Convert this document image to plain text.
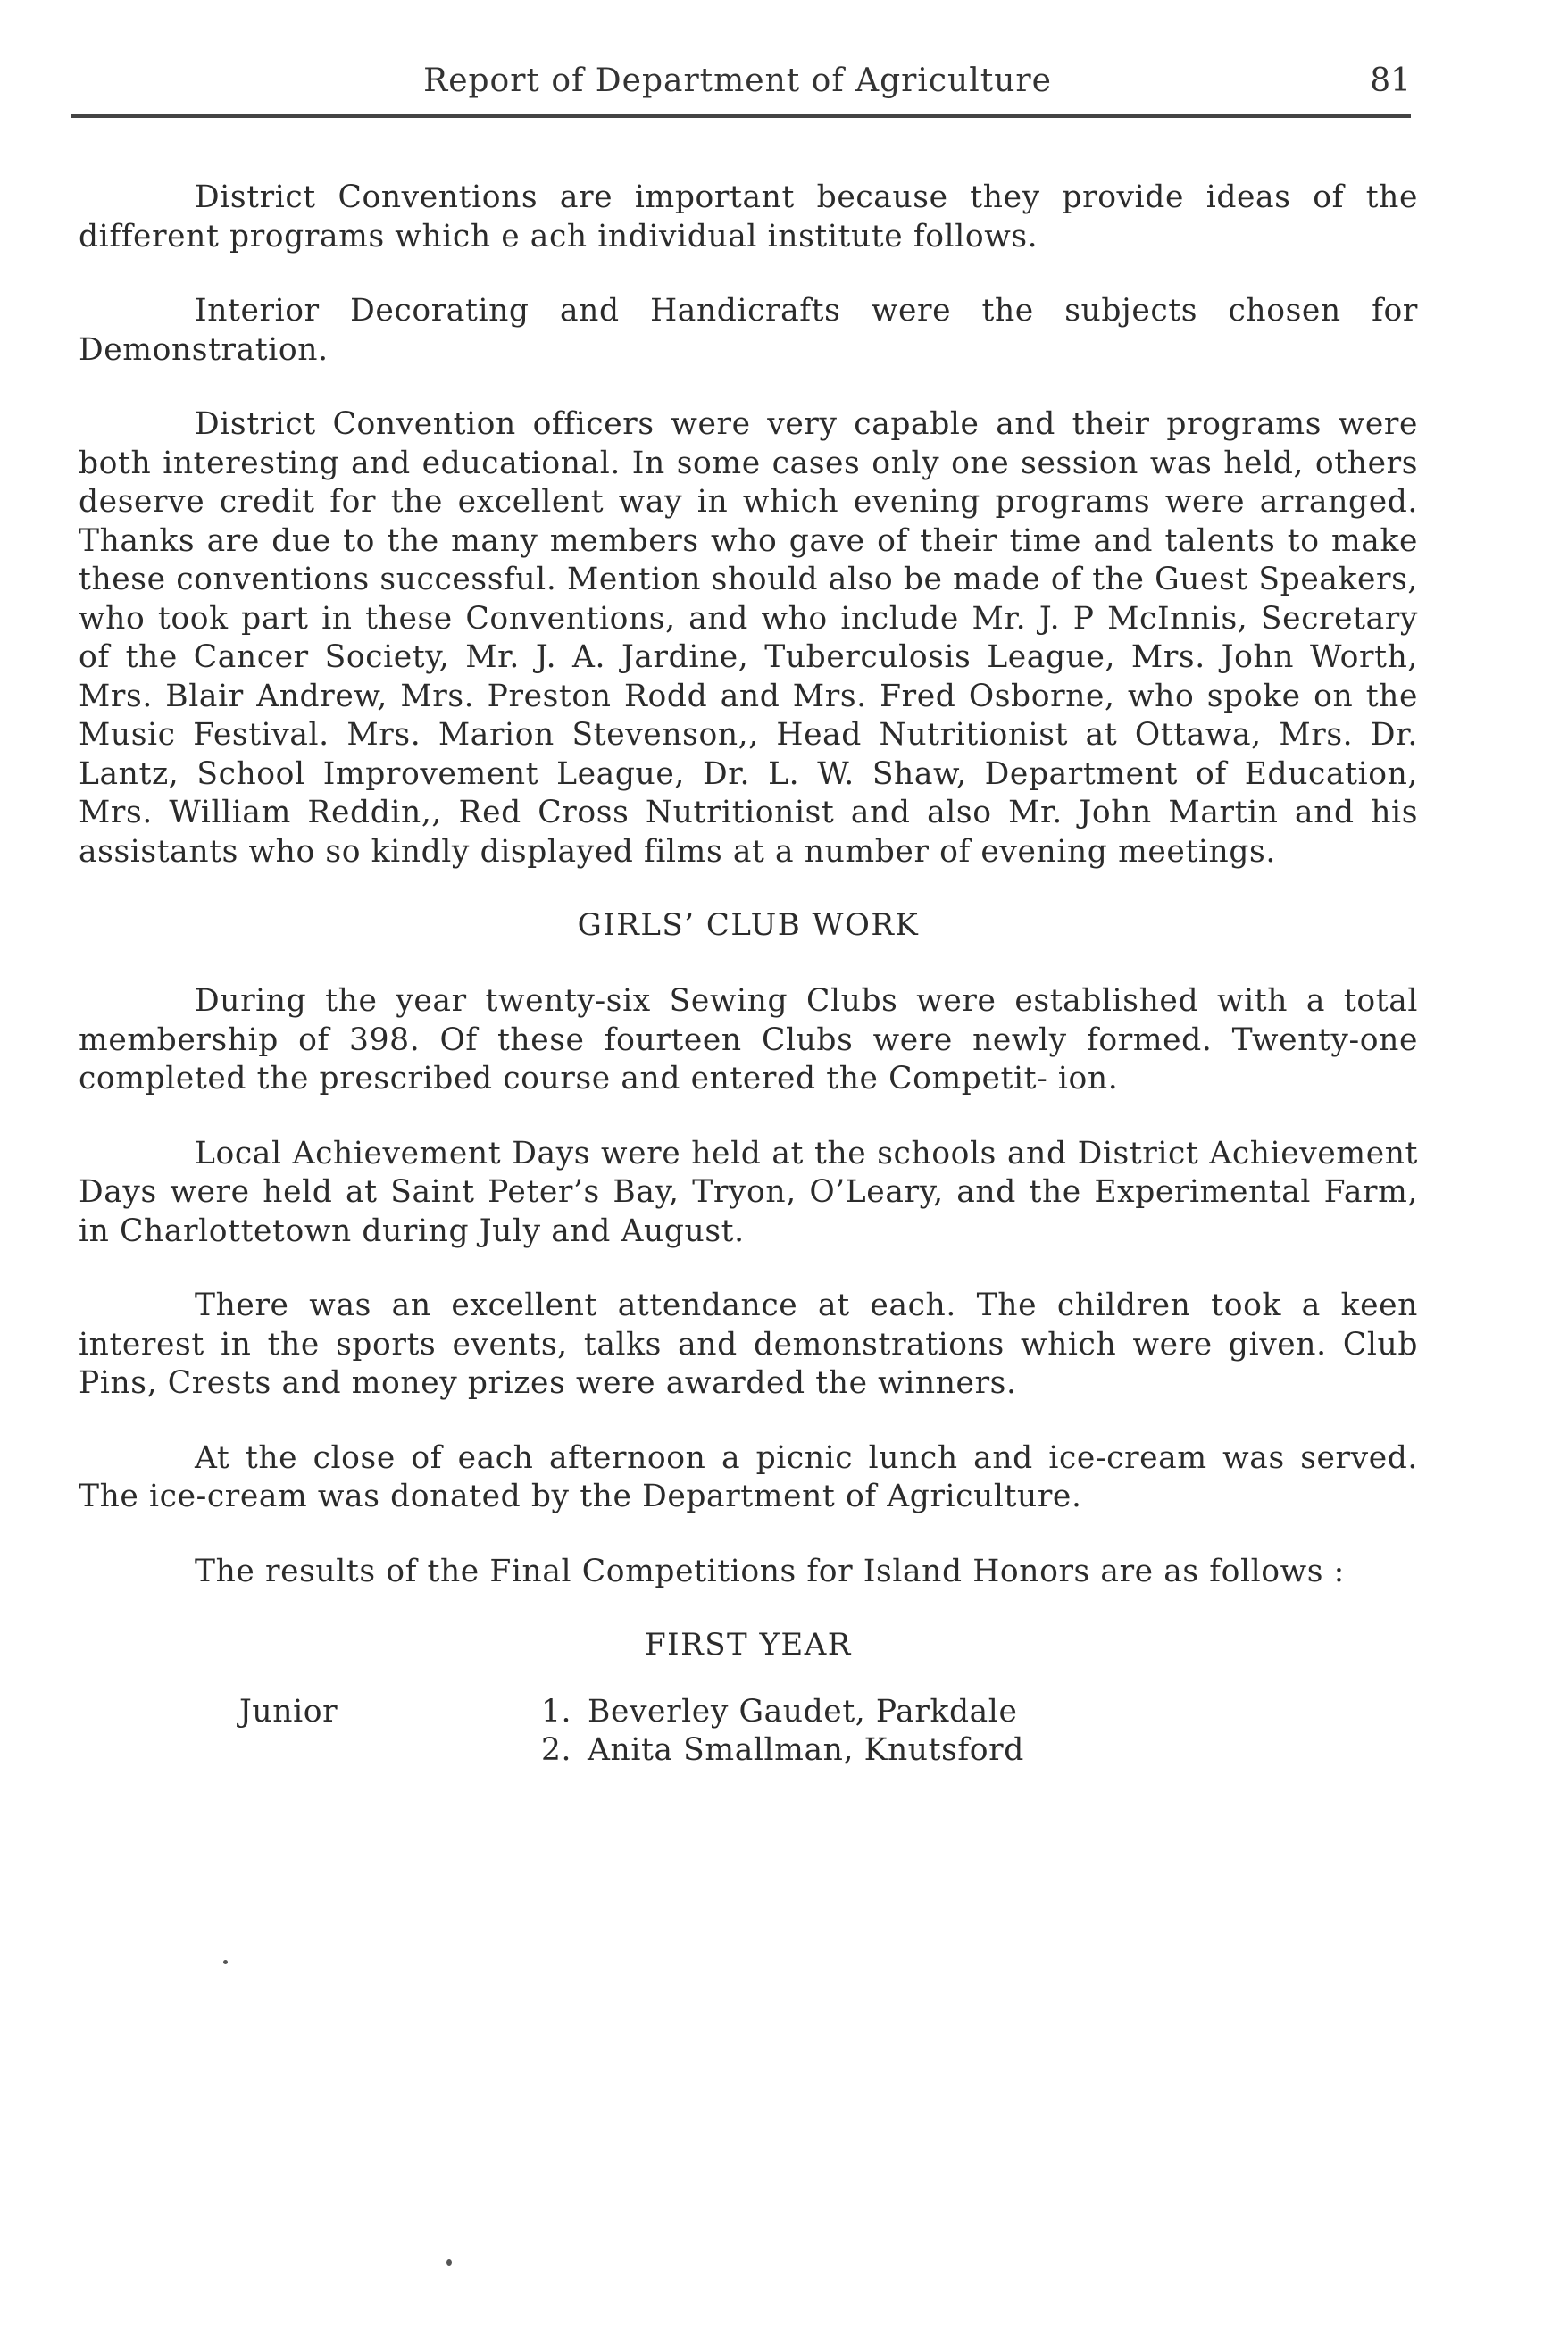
Report of Department of Agriculture	81

District Conventions are important because they provide ideas of the different programs which e ach individual institute follows.

Interior Decorating and Handicrafts were the subjects chosen for Demonstration.

District Convention officers were very capable and their programs were both interesting and educational. In some cases only one session was held, others deserve credit for the excellent way in which evening programs were arranged. Thanks are due to the many members who gave of their time and talents to make these conventions successful. Mention should also be made of the Guest Speakers, who took part in these Conventions, and who include Mr. J. P McInnis, Secretary of the Cancer Society, Mr. J. A. Jardine, Tuberculosis League, Mrs. John Worth, Mrs. Blair Andrew, Mrs. Preston Rodd and Mrs. Fred Osborne, who spoke on the Music Festival. Mrs. Marion Stevenson,, Head Nutritionist at Ottawa, Mrs. Dr. Lantz, School Improvement League, Dr. L. W. Shaw, Department of Education, Mrs. William Reddin,, Red Cross Nutritionist and also Mr. John Martin and his assistants who so kindly displayed films at a number of evening meetings.

GIRLS’ CLUB WORK

During the year twenty-six Sewing Clubs were established with a total membership of 398. Of these fourteen Clubs were newly formed. Twenty-one completed the prescribed course and entered the Competit- ion.

Local Achievement Days were held at the schools and District Achievement Days were held at Saint Peter’s Bay, Tryon, O’Leary, and the Experimental Farm, in Charlottetown during July and August.

There was an excellent attendance at each. The children took a keen interest in the sports events, talks and demonstrations which were given. Club Pins, Crests and money prizes were awarded the winners.

At the close of each afternoon a picnic lunch and ice-cream was served. The ice-cream was donated by the Department of Agriculture.

The results of the Final Competitions for Island Honors are as follows :

FIRST YEAR
Junior	1. Beverley Gaudet, Parkdale
2. Anita Smallman, Knutsford
